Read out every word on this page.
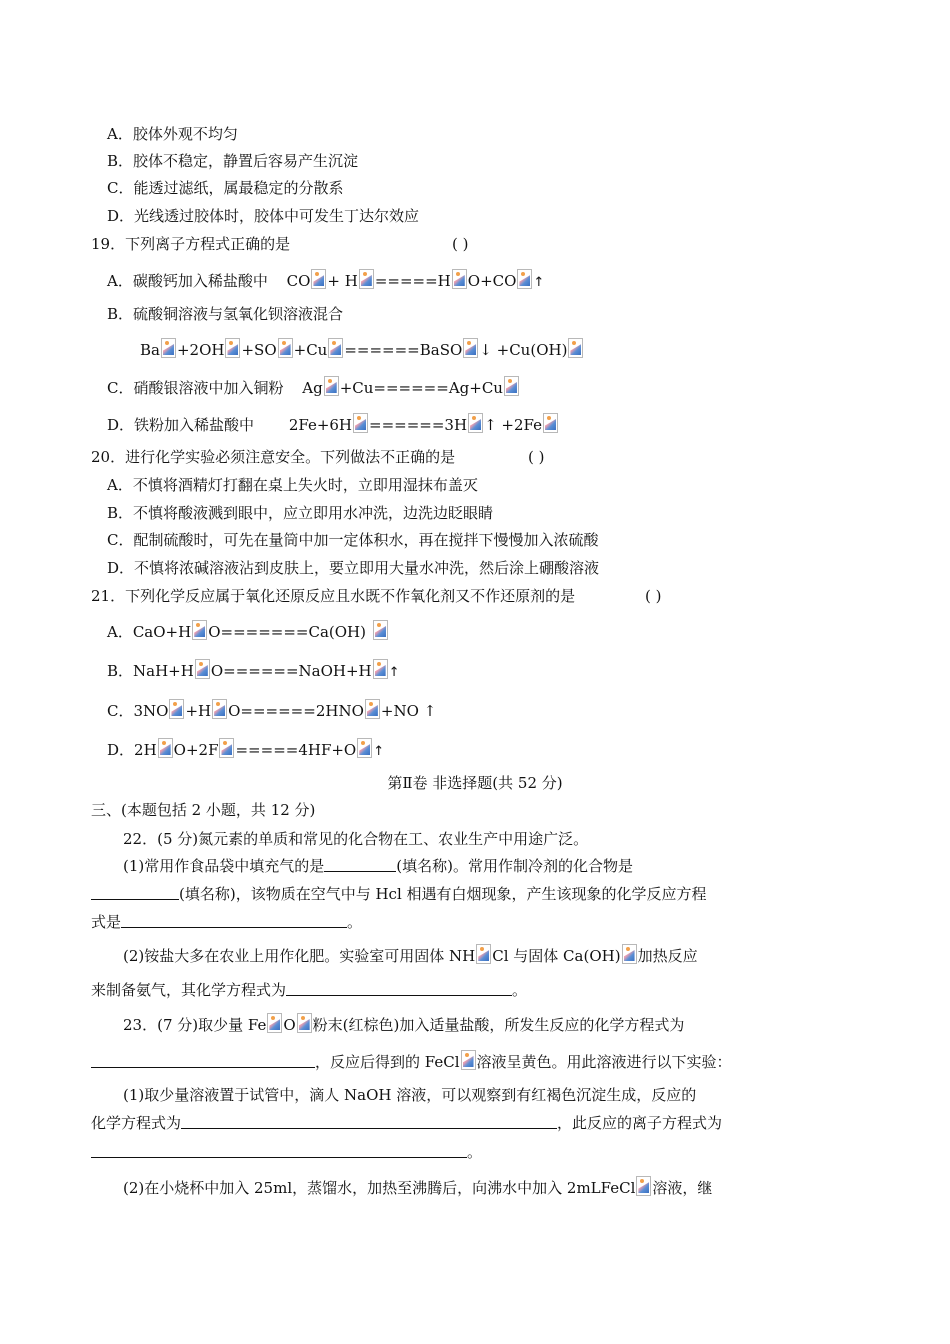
A．胶体外观不均匀
B．胶体不稳定，静置后容易产生沉淀
C．能透过滤纸，属最稳定的分散系
D．光线透过胶体时，胶体中可发生丁达尔效应
19．下列离子方程式正确的是	( )
A．碳酸钙加入稀盐酸中 CO + H =====H O+CO ↑
B．硫酸铜溶液与氢氧化钡溶液混合
Ba +2OH +SO +Cu ======BaSO ↓ +Cu(OH)
C．硝酸银溶液中加入铜粉 Ag +Cu======Ag+Cu
D．铁粉加入稀盐酸中 2Fe+6H ======3H ↑ +2Fe
20．进行化学实验必须注意安全。下列做法不正确的是	( )
A．不慎将酒精灯打翻在桌上失火时，立即用湿抹布盖灭
B．不慎将酸液溅到眼中，应立即用水冲洗，边洗边眨眼睛
C．配制硫酸时，可先在量筒中加一定体积水，再在搅拌下慢慢加入浓硫酸
D．不慎将浓碱溶液沾到皮肤上，要立即用大量水冲洗，然后涂上硼酸溶液
21．下列化学反应属于氧化还原反应且水既不作氧化剂又不作还原剂的是	( )
A．CaO+H O=======Ca(OH)
B．NaH+H O======NaOH+H ↑
C．3NO +H O======2HNO +NO ↑
D．2H O+2F =====4HF+O ↑
第Ⅱ卷 非选择题(共 52 分)
三、(本题包括 2 小题，共 12 分)
22．(5 分)氮元素的单质和常见的化合物在工、农业生产中用途广泛。
(1)常用作食品袋中填充气的是	(填名称)。常用作制冷剂的化合物是
(填名称)，该物质在空气中与 Hcl 相遇有白烟现象，产生该现象的化学反应方程
式是	。
(2)铵盐大多在农业上用作化肥。实验室可用固体 NH Cl 与固体 Ca(OH) 加热反应
来制备氨气，其化学方程式为	。
23．(7 分)取少量 Fe O 粉末(红棕色)加入适量盐酸，所发生反应的化学方程式为
，反应后得到的 FeCl 溶液呈黄色。用此溶液进行以下实验：
(1)取少量溶液置于试管中，滴人 NaOH 溶液，可以观察到有红褐色沉淀生成，反应的
化学方程式为	，此反应的离子方程式为
。
(2)在小烧杯中加入 25ml，蒸馏水，加热至沸腾后，向沸水中加入 2mLFeCl 溶液，继
